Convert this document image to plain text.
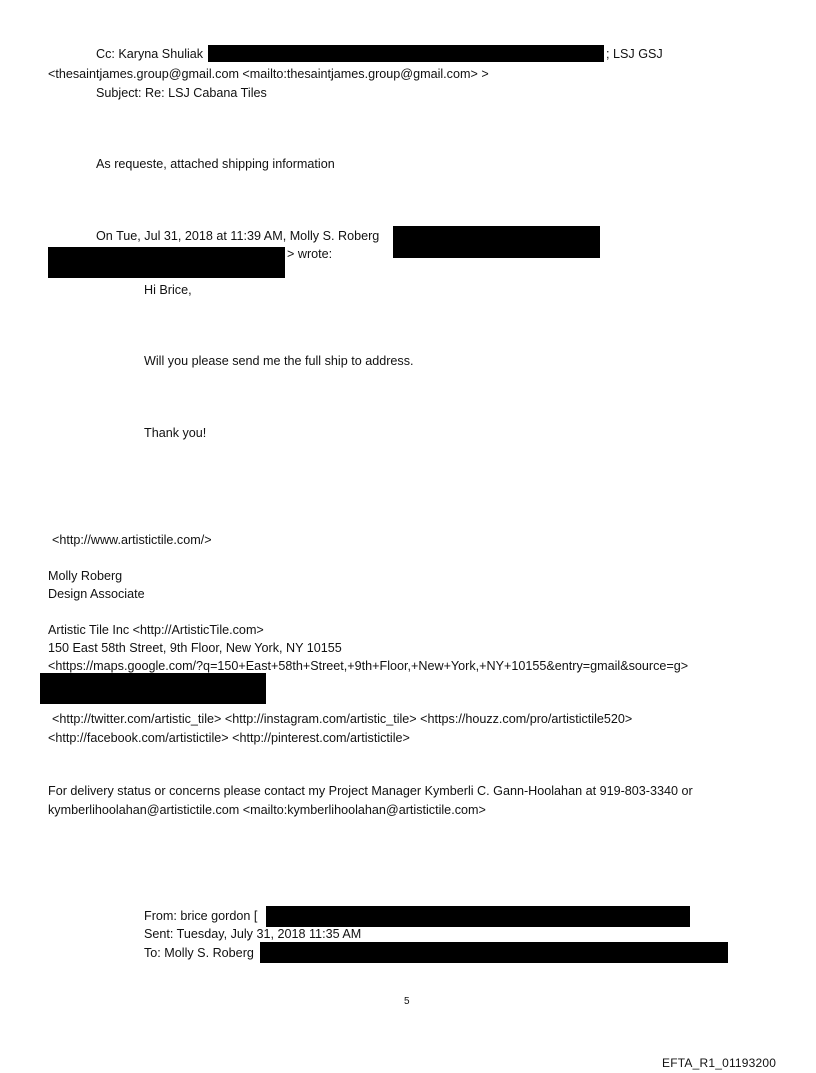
Cc: Karyna Shuliak	; LSJ GSJ
<thesaintjames.group@gmail.com <mailto:thesaintjames.group@gmail.com> >
Subject: Re: LSJ Cabana Tiles
As requeste, attached shipping information
On Tue, Jul 31, 2018 at 11:39 AM, Molly S. Roberg
> wrote:
Hi Brice,
Will you please send me the full ship to address.
Thank you!
<http://www.artistictile.com/>
Molly Roberg
Design Associate
Artistic Tile Inc <http://ArtisticTile.com>
150 East 58th Street, 9th Floor, New York, NY 10155
<https://maps.google.com/?q=150+East+58th+Street,+9th+Floor,+New+York,+NY+10155&entry=gmail&source=g>
<http://twitter.com/artistic_tile> <http://instagram.com/artistic_tile> <https://houzz.com/pro/artistictile520>
<http://facebook.com/artistictile> <http://pinterest.com/artistictile>
For delivery status or concerns please contact my Project Manager Kymberli C. Gann-Hoolahan at 919-803-3340 or
kymberlihoolahan@artistictile.com <mailto:kymberlihoolahan@artistictile.com>
From: brice gordon [
Sent: Tuesday, July 31, 2018 11:35 AM
To: Molly S. Roberg
5
EFTA_R1_01193200
